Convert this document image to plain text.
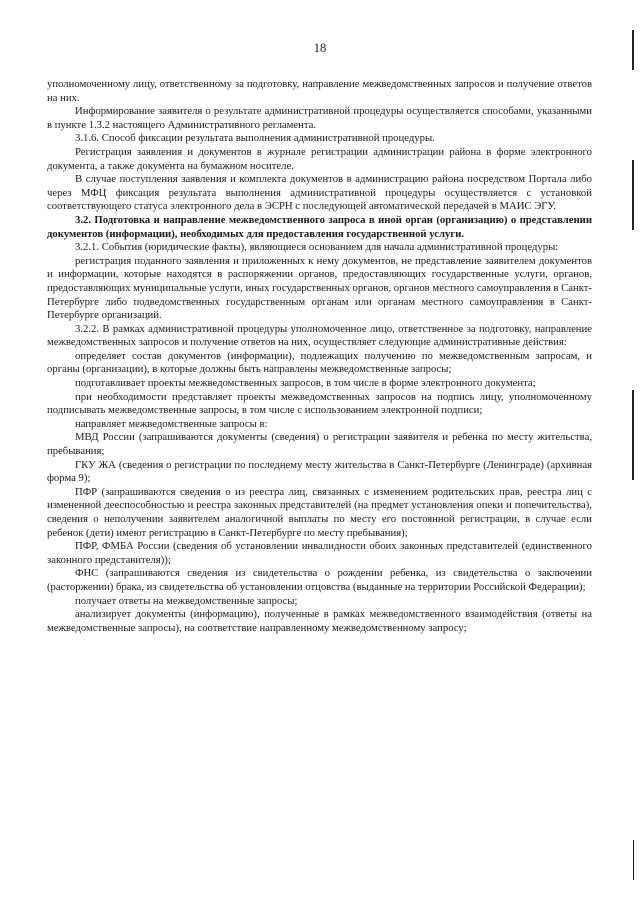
18

уполномоченному лицу, ответственному за подготовку, направление межведомственных запросов и получение ответов на них.

Информирование заявителя о результате административной процедуры осуществляется способами, указанными в пункте 1.3.2 настоящего Административного регламента.

3.1.6. Способ фиксации результата выполнения административной процедуры.

Регистрация заявления и документов в журнале регистрации администрации района в форме электронного документа, а также документа на бумажном носителе.

В случае поступления заявления и комплекта документов в администрацию района посредством Портала либо через МФЦ фиксация результата выполнения административной процедуры осуществляется с установкой соответствующего статуса электронного дела в ЭСРН с последующей автоматической передачей в МАИС ЭГУ.

3.2. Подготовка и направление межведомственного запроса в иной орган (организацию) о представлении документов (информации), необходимых для предоставления государственной услуги.

3.2.1. События (юридические факты), являющиеся основанием для начала административной процедуры:

регистрация поданного заявления и приложенных к нему документов, не представление заявителем документов и информации, которые находятся в распоряжении органов, предоставляющих государственные услуги, органов, предоставляющих муниципальные услуги, иных государственных органов, органов местного самоуправления в Санкт-Петербурге либо подведомственных государственным органам или органам местного самоуправления в Санкт-Петербурге организаций.

3.2.2. В рамках административной процедуры уполномоченное лицо, ответственное за подготовку, направление межведомственных запросов и получение ответов на них, осуществляет следующие административные действия:

определяет состав документов (информации), подлежащих получению по межведомственным запросам, и органы (организации), в которые должны быть направлены межведомственные запросы;

подготавливает проекты межведомственных запросов, в том числе в форме электронного документа;

при необходимости представляет проекты межведомственных запросов на подпись лицу, уполномоченному подписывать межведомственные запросы, в том числе с использованием электронной подписи;

направляет межведомственные запросы в:

МВД России (запрашиваются документы (сведения) о регистрации заявителя и ребенка по месту жительства, пребывания;

ГКУ ЖА (сведения о регистрации по последнему месту жительства в Санкт-Петербурге (Ленинграде) (архивная форма 9);

ПФР (запрашиваются сведения о из реестра лиц, связанных с изменением родительских прав, реестра лиц с измененной дееспособностью и реестра законных представителей (на предмет установления опеки и попечительства), сведения о неполучении заявителем аналогичной выплаты по месту его постоянной регистрации, в случае если ребенок (дети) имеют регистрацию в Санкт-Петербурге по месту пребывания);

ПФР, ФМБА России (сведения об установлении инвалидности обоих законных представителей (единственного законного представителя));

ФНС (запрашиваются сведения из свидетельства о рождении ребенка, из свидетельства о заключении (расторжении) брака, из свидетельства об установлении отцовства (выданные на территории Российской Федерации);

получает ответы на межведомственные запросы;

анализирует документы (информацию), полученные в рамках межведомственного взаимодействия (ответы на межведомственные запросы), на соответствие направленному межведомственному запросу;
